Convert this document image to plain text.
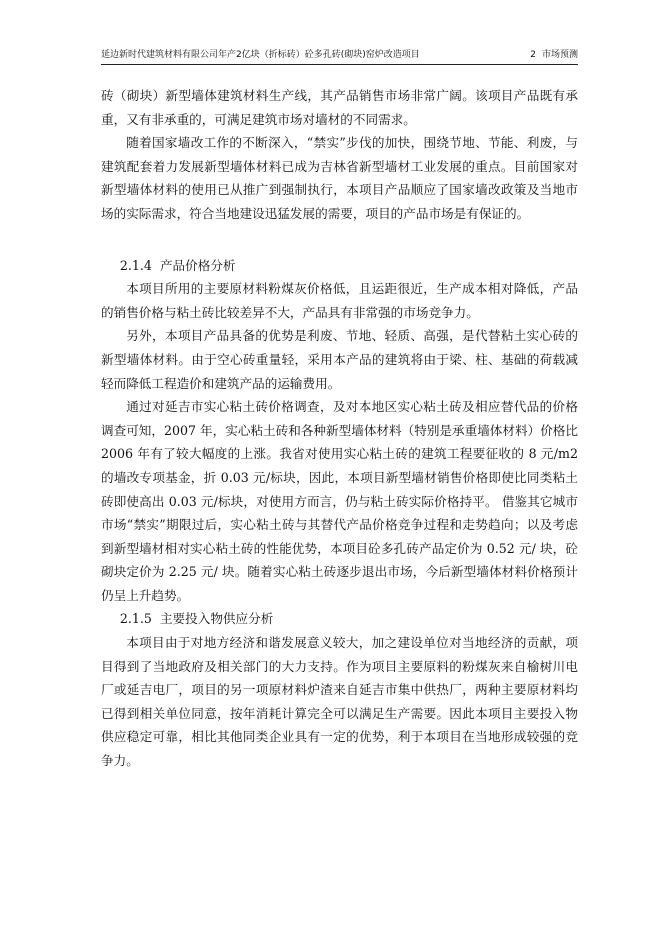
延边新时代建筑材料有限公司年产2亿块（折标砖）砼多孔砖(砌块)窑炉改造项目	2 市场预测

砖（砌块）新型墙体建筑材料生产线，其产品销售市场非常广阔。该项目产品既有承重，又有非承重的，可满足建筑市场对墙材的不同需求。

随着国家墙改工作的不断深入，“禁实”步伐的加快，围绕节地、节能、利废，与建筑配套着力发展新型墙体材料已成为吉林省新型墙材工业发展的重点。目前国家对新型墙体材料的使用已从推广到强制执行，本项目产品顺应了国家墙改政策及当地市场的实际需求，符合当地建设迅猛发展的需要，项目的产品市场是有保证的。

2.1.4 产品价格分析

本项目所用的主要原材料粉煤灰价格低，且运距很近，生产成本相对降低，产品的销售价格与粘土砖比较差异不大，产品具有非常强的市场竞争力。

另外，本项目产品具备的优势是利废、节地、轻质、高强，是代替粘土实心砖的新型墙体材料。由于空心砖重量轻，采用本产品的建筑将由于梁、柱、基础的荷载减轻而降低工程造价和建筑产品的运输费用。

通过对延吉市实心粘土砖价格调查，及对本地区实心粘土砖及相应替代品的价格调查可知，2007 年，实心粘土砖和各种新型墙体材料（特别是承重墙体材料）价格比 2006 年有了较大幅度的上涨。我省对使用实心粘土砖的建筑工程要征收的 8 元/m2 的墙改专项基金，折 0.03 元/标块，因此，本项目新型墙材销售价格即使比同类粘土砖即使高出 0.03 元/标块，对使用方而言，仍与粘土砖实际价格持平。 借鉴其它城市市场“禁实”期限过后，实心粘土砖与其替代产品价格竞争过程和走势趋向；以及考虑到新型墙材相对实心粘土砖的性能优势，本项目砼多孔砖产品定价为 0.52 元/ 块，砼砌块定价为 2.25 元/ 块。随着实心粘土砖逐步退出市场，今后新型墙体材料价格预计仍呈上升趋势。

2.1.5 主要投入物供应分析

本项目由于对地方经济和谐发展意义较大，加之建设单位对当地经济的贡献，项目得到了当地政府及相关部门的大力支持。作为项目主要原料的粉煤灰来自榆树川电厂或延吉电厂，项目的另一项原材料炉渣来自延吉市集中供热厂，两种主要原材料均已得到相关单位同意，按年消耗计算完全可以满足生产需要。因此本项目主要投入物供应稳定可靠，相比其他同类企业具有一定的优势，利于本项目在当地形成较强的竞争力。
